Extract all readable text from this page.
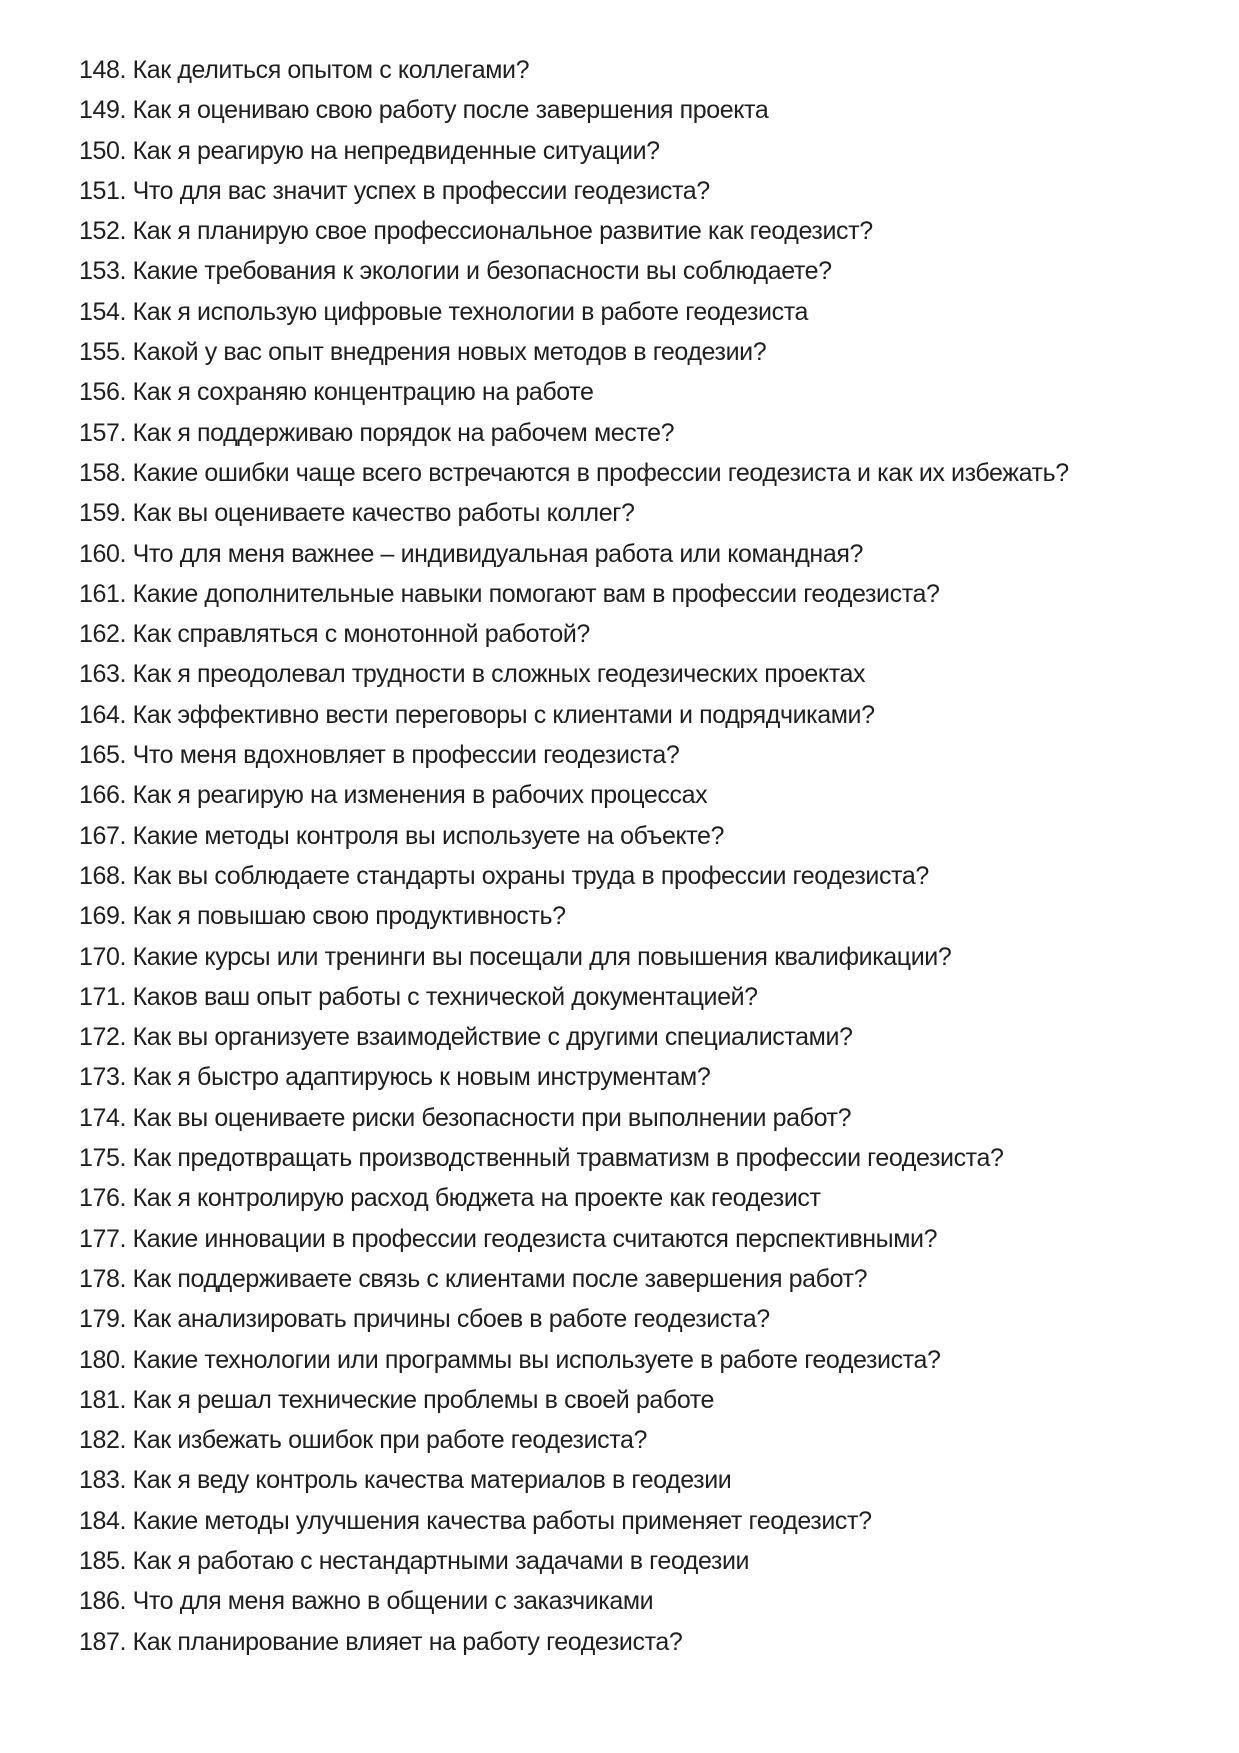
148. Как делиться опытом с коллегами?
149. Как я оцениваю свою работу после завершения проекта
150. Как я реагирую на непредвиденные ситуации?
151. Что для вас значит успех в профессии геодезиста?
152. Как я планирую свое профессиональное развитие как геодезист?
153. Какие требования к экологии и безопасности вы соблюдаете?
154. Как я использую цифровые технологии в работе геодезиста
155. Какой у вас опыт внедрения новых методов в геодезии?
156. Как я сохраняю концентрацию на работе
157. Как я поддерживаю порядок на рабочем месте?
158. Какие ошибки чаще всего встречаются в профессии геодезиста и как их избежать?
159. Как вы оцениваете качество работы коллег?
160. Что для меня важнее – индивидуальная работа или командная?
161. Какие дополнительные навыки помогают вам в профессии геодезиста?
162. Как справляться с монотонной работой?
163. Как я преодолевал трудности в сложных геодезических проектах
164. Как эффективно вести переговоры с клиентами и подрядчиками?
165. Что меня вдохновляет в профессии геодезиста?
166. Как я реагирую на изменения в рабочих процессах
167. Какие методы контроля вы используете на объекте?
168. Как вы соблюдаете стандарты охраны труда в профессии геодезиста?
169. Как я повышаю свою продуктивность?
170. Какие курсы или тренинги вы посещали для повышения квалификации?
171. Каков ваш опыт работы с технической документацией?
172. Как вы организуете взаимодействие с другими специалистами?
173. Как я быстро адаптируюсь к новым инструментам?
174. Как вы оцениваете риски безопасности при выполнении работ?
175. Как предотвращать производственный травматизм в профессии геодезиста?
176. Как я контролирую расход бюджета на проекте как геодезист
177. Какие инновации в профессии геодезиста считаются перспективными?
178. Как поддерживаете связь с клиентами после завершения работ?
179. Как анализировать причины сбоев в работе геодезиста?
180. Какие технологии или программы вы используете в работе геодезиста?
181. Как я решал технические проблемы в своей работе
182. Как избежать ошибок при работе геодезиста?
183. Как я веду контроль качества материалов в геодезии
184. Какие методы улучшения качества работы применяет геодезист?
185. Как я работаю с нестандартными задачами в геодезии
186. Что для меня важно в общении с заказчиками
187. Как планирование влияет на работу геодезиста?
